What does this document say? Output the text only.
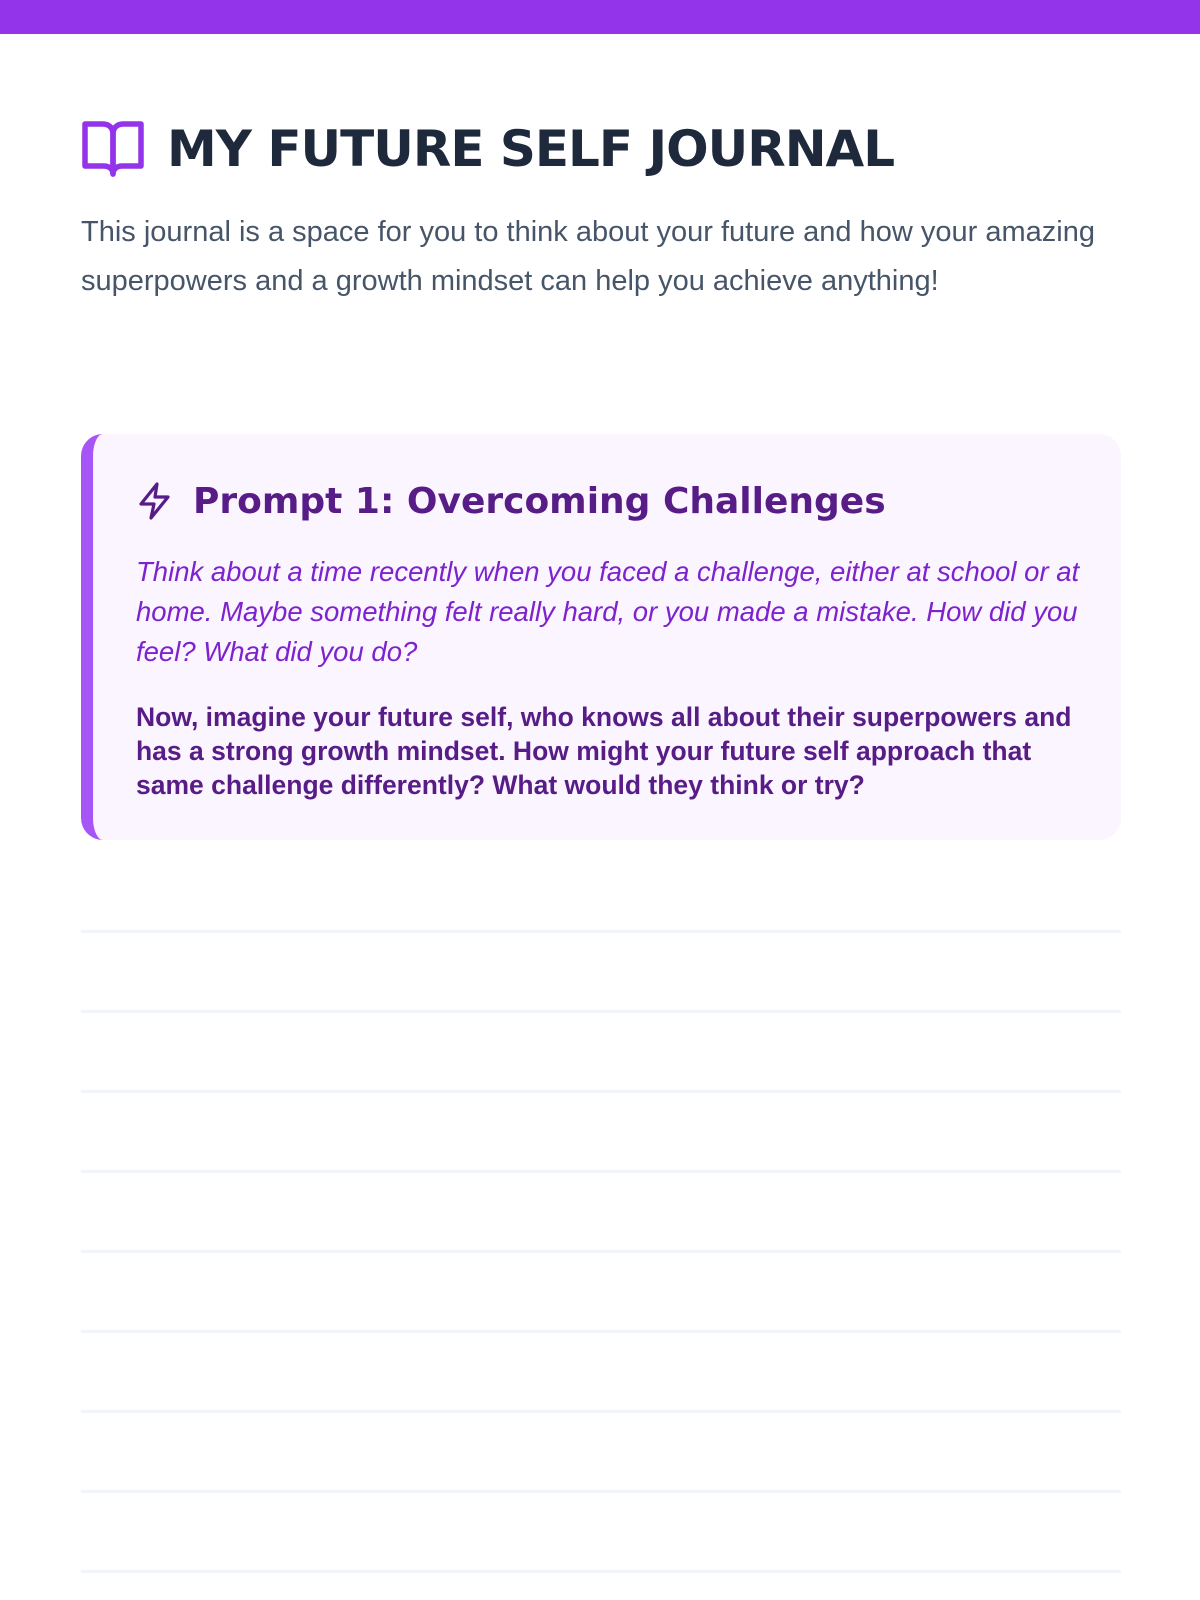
MY FUTURE SELF JOURNAL

This journal is a space for you to think about your future and how your amazing superpowers and a growth mindset can help you achieve anything!

Prompt 1: Overcoming Challenges

Think about a time recently when you faced a challenge, either at school or at home. Maybe something felt really hard, or you made a mistake. How did you feel? What did you do?

Now, imagine your future self, who knows all about their superpowers and has a strong growth mindset. How might your future self approach that same challenge differently? What would they think or try?
